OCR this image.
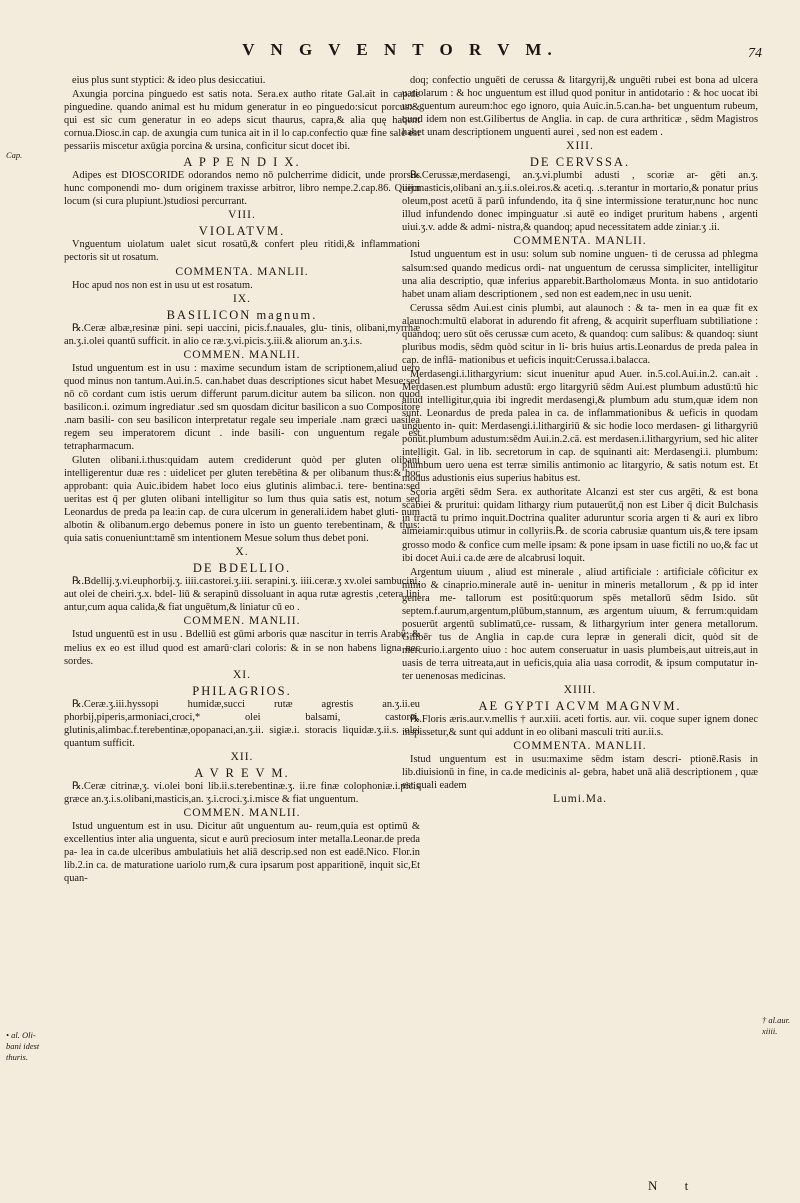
V N G V E N T O R V M.	74

eius plus sunt styptici: & ideo plus desiccatiui.

Axungia porcina pinguedo est satis nota. Sera.ex autho ritate Gal.ait in cap.de pinguedine. quando animal est hu midum generatur in eo pinguedo:sicut porcus:& qui est sic cum generatur in eo adeps sicut thaurus, capra,& alia quę habent cornua.Diosc.in cap. de axungia cum tunica ait in il lo cap.confectio quæ fine sale est pessariis miscetur axūgia porcina & ursina, conficitur sicut docet ibi.

A P P E N D I X.

Adipes est DIOSCORIDE odorandos nemo nō pulcherrime didicit, unde prorsus hunc componendi mo- dum originem traxisse arbitror, libro nempe.2.cap.86. Quem locum (si cura plupiunt.)studiosi percurrant.

VIII.
VIOLATVM.

Vnguentum uiolatum ualet sicut rosatū,& confert pleu ritidi,& inflammationi pectoris sit ut rosatum.

COMMENTA. MANLII.

Hoc apud nos non est in usu ut est rosatum.

IX.
BASILICON magnum.

℞.Ceræ albæ,resinæ pini. sepi uaccini, picis.f.nauales, glu- tinis, olibani,myrrhæ an.ʒ.i.olei quantū sufficit. in alio ce ræ.ʒ.vi.picis.ʒ.iii.& aliorum an.ʒ.i.s.

COMMEN. MANLII.

Istud unguentum est in usu : maxime secundum istam de scriptionem,aliud uero quod minus non tantum.Aui.in.5. can.habet duas descriptiones sicut habet Mesue:sed nō cō cordant cum istis uerum differunt parum.dicitur autem ba silicon. non quod basilicon.i. ozimum ingrediatur .sed sm quosdam dicitur basilicon a suo Compositore .nam basili- con seu basilicon interpretatur regale seu imperiale .nam græci uasilea regem seu imperatorem dicunt . inde basili- con unguentum regale est tetrapharmacum.

Gluten olibani.i.thus:quidam autem crediderunt quòd per gluten olibani intelligerentur duæ res : uidelicet per gluten terebētina & per olibanum thus:& hoc approbant: quia Auic.ibidem habet loco eius glutinis alimbac.i. tere- bentina:sed ueritas est q̄ per gluten olibani intelligitur so lum thus quia satis est, notum sed Leonardus de preda pa lea:in cap. de cura ulcerum in generali.idem habet gluti- num albotin & olibanum.ergo debemus ponere in isto un guento terebentinam, & thus: quia satis conueniunt:tamē sm intentionem Mesue solum thus debet poni.

X.
DE BDELLIO.

℞.Bdellij.ʒ.vi.euphorbij.ʒ. iiii.castorei.ʒ.iii. serapini.ʒ. iiii.ceræ.ʒ xv.olei sambucini, aut olei de cheiri.ʒ.x. bdel- liū & serapinū dissoluant in aqua rutæ agrestis ,cetera lini antur,cum aqua calida,& fiat unguētum,& liniatur cū eo .

COMMEN. MANLII.

Istud unguentū est in usu . Bdelliū est gūmi arboris quæ nascitur in terris Arabū: & melius ex eo est illud quod est amarū·clari coloris: & in se non habens ligna nec sordes.

XI.
PHILAGRIOS.

℞.Ceræ.ʒ.iii.hyssopi humidæ,succi rutæ agrestis an.ʒ.ii.eu phorbij,piperis,armoniaci,croci,* olei balsami, castorei, glutinis,alimbac.f.terebentinæ,opopanaci,an.ʒ.ii. sigiæ.i. storacis liquidæ.ʒ.ii.s. olei quantum sufficit.

XII.
A V R E V M.

℞.Ceræ citrinæ,ʒ. vi.olei boni lib.ii.s.terebentinæ.ʒ. ii.re finæ colophoniæ.i.picis græce an.ʒ.i.s.olibani,masticis,an. ʒ.i.croci.ʒ.i.misce & fiat unguentum.

COMMEN. MANLII.

Istud unguentum est in usu. Dicitur aūt unguentum au- reum,quia est optimū & excellentius inter alia unguenta, sicut e aurū preciosum inter metalla.Leonar.de preda pa- lea in ca.de ulceribus ambulatiuis het aliā descrip.sed non est eadē.Nico. Flor.in lib.2.in ca. de maturatione uariolo rum,& cura ipsarum post apparitionē, inquit sic,Et quan-

doq; confectio unguēti de cerussa & litargyrij,& unguēti rubei est bona ad ulcera uariolarum : & hoc unguentum est illud quod ponitur in antidotario : & hoc uocat ibi un- guentum aureum:hoc ego ignoro, quia Auic.in.5.can.ha- bet unguentum rubeum, quod idem non est.Gilibertus de Anglia. in cap. de cura arthriticæ , sēdm Magistros habet unam descriptionem unguenti aurei , sed non est eadem .

XIII.
DE CERVSSA.

℞.Cerussæ,merdasengi, an.ʒ.vi.plumbi adusti , scoriæ ar- gēti an.ʒ. iiij.masticis,olibani an.ʒ.ii.s.olei.ros.& aceti.q. .s.terantur in mortario,& ponatur prius oleum,post acetū ā parū infundendo, ita q̄ sine intermissione teratur,nunc hoc nunc illud infundendo donec impinguatur .si autē eo indiget pruritum habens , argenti uiui.ʒ.v. adde & admi- nistra,& quandoq; apud necessitatem adde ziniar.ʒ .ii.

COMMENTA. MANLII.

Istud unguentum est in usu: solum sub nomine unguen- ti de cerussa ad phlegma salsum:sed quando medicus ordi- nat unguentum de cerussa simpliciter, intelligitur una alia descriptio, quæ inferius apparebit.Bartholomæus Monta. in suo antidotario habet unam aliam descriptionem , sed non est eadem,nec in usu uenit.

Cerussa sēdm Aui.est cinis plumbi, aut alaunoch : & ta- men in ea quæ fit ex alaunoch:multū elaborat in adurendo fit afreng, & acquirit superfluam subtiliatione : quandoq; uero sūt oēs cerussæ cum aceto, & quandoq: cum salibus: & quandoq: siunt pluribus modis, sēdm quòd scitur in li- bris huius artis.Leonardus de preda palea in cap. de inflā- mationibus et ueficis inquit:Cerussa.i.balacca.

Merdasengi.i.lithargyrium: sicut inuenitur apud Auer. in.5.col.Aui.in.2. can.ait . Merdasen.est plumbum adustū: ergo litargyriū sēdm Aui.est plumbum adustū:tū hic aliud intelligitur,quia ibi ingredit merdasengi,& plumbum adu stum,quæ idem non sunt. Leonardus de preda palea in ca. de inflammationibus & ueficis in quodam unguento in- quit: Merdasengi.i.lithargiriū & sic hodie loco merdasen- gi lithargyriū ponūt.plumbum adustum:sēdm Aui.in.2.cā. est merdasen.i.lithargyrium, sed hic aliter intelligit. Gal. in lib. secretorum in cap. de squinanti ait: Merdasengi.i. plumbum: plumbum uero uena est terræ similis antimonio ac litargyrio, & satis notum est. Et modus adustionis eius superius habitus est.

Scoria argēti sēdm Sera. ex authoritate Alcanzi est ster cus argēti, & est bona scabiei & pruritui: quidam lithargy rium putauerūt,q̄ non est Liber q̄ dicit Bulchasis in tractā tu primo inquit.Doctrina qualiter aduruntur scoria argen ti & auri ex libro almeiamir:quibus utimur in collyriis.℞. de scoria cabrusiæ quantum uis,& tere ipsam grosso modo & confice cum melle ipsam: & pone ipsam in uase fictili no uo,& fac ut ibi docet Aui.i ca.de ære de alcabrusi loquit.

Argentum uiuum , aliud est minerale , aliud artificiale : artificiale côficitur ex minio & cinaprio.minerale autē in- uenitur in mineris metallorum , & pp id inter genera me- tallorum est positū:quorum spēs metallorū sēdm Isido. sūt septem.f.aurum,argentum,plūbum,stannum, æs argentum uiuum, & ferrum:quidam posuerūt argentū sublimatū,ce- russam, & lithargyrium inter genera metallorum. Gilibēr tus de Anglia in cap.de cura lepræ in generali dicit, quòd sit de mercurio.i.argento uiuo : hoc autem conseruatur in uasis plumbeis,aut uitreis,aut in uasis de terra uitreata,aut in ueficis,quia alia uasa corrodit, & ipsum computatur in- ter uenenosas medicinas.

XIIII.
AE GYPTI ACVM MAGNVM.

℞.Floris æris.aur.v.mellis † aur.xiii. aceti fortis. aur. vii. coque super ignem donec inspissetur,& sunt qui addunt in eo olibani masculi triti aur.ii.s.

COMMENTA. MANLII.

Istud unguentum est in usu:maxime sēdm istam descri- ptionē.Rasis in lib.diuisionū in fine, in ca.de medicinis al- gebra, habet unā aliā descriptionem , quæ est quali eadem

Lumi.Ma.
Cap.
• al. Oli-
bani idest
thuris.
† al.aur.
xiiii.
N t
